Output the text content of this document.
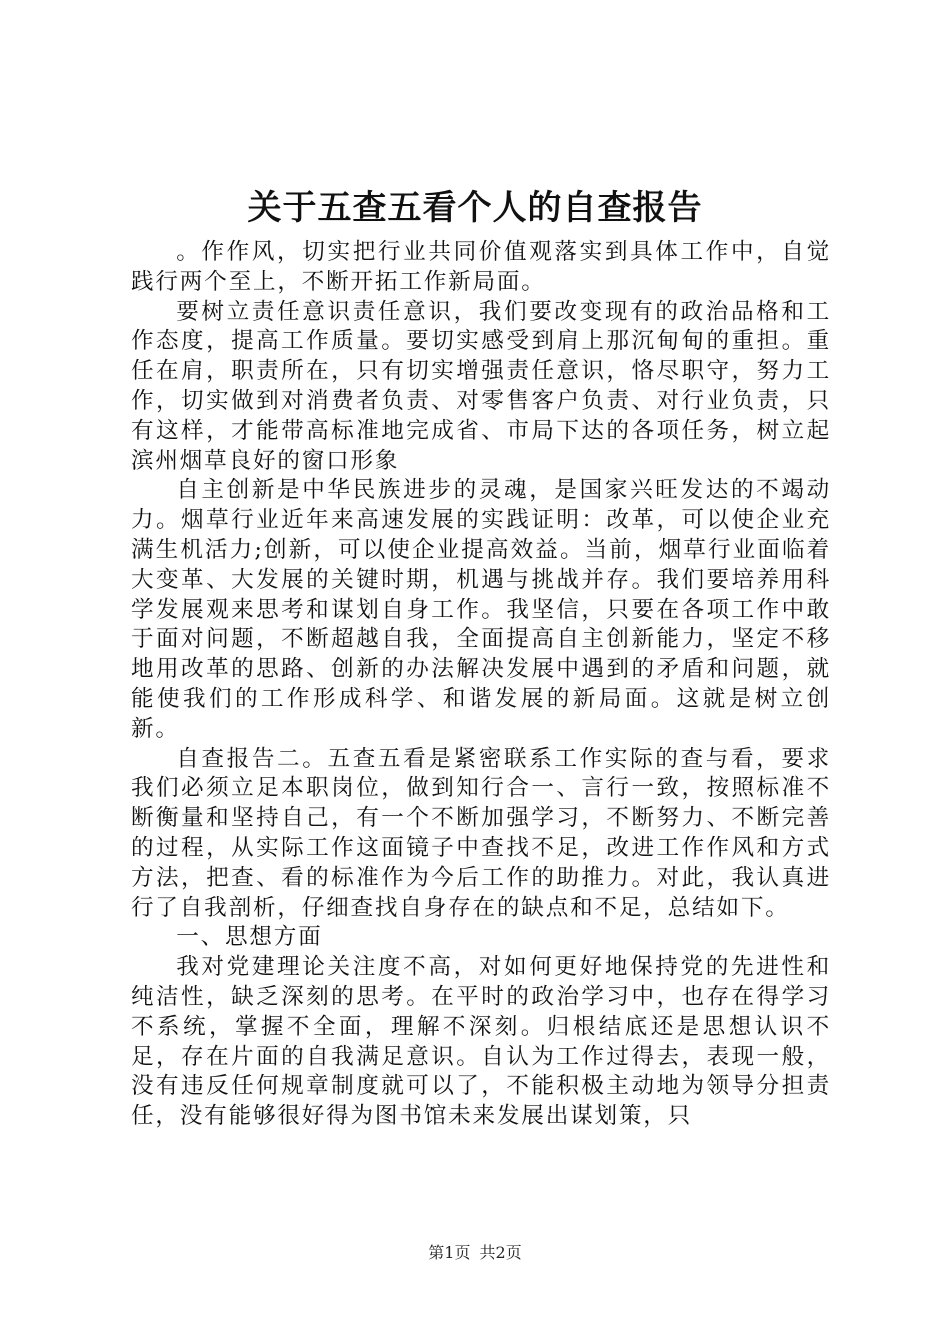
关于五查五看个人的自查报告

。作作风，切实把行业共同价值观落实到具体工作中，自觉践行两个至上，不断开拓工作新局面。

要树立责任意识责任意识，我们要改变现有的政治品格和工作态度，提高工作质量。要切实感受到肩上那沉甸甸的重担。重任在肩，职责所在，只有切实增强责任意识，恪尽职守，努力工作，切实做到对消费者负责、对零售客户负责、对行业负责，只有这样，才能带高标准地完成省、市局下达的各项任务，树立起滨州烟草良好的窗口形象

自主创新是中华民族进步的灵魂，是国家兴旺发达的不竭动力。烟草行业近年来高速发展的实践证明：改革，可以使企业充满生机活力;创新，可以使企业提高效益。当前，烟草行业面临着大变革、大发展的关键时期，机遇与挑战并存。我们要培养用科学发展观来思考和谋划自身工作。我坚信，只要在各项工作中敢于面对问题，不断超越自我，全面提高自主创新能力，坚定不移地用改革的思路、创新的办法解决发展中遇到的矛盾和问题，就能使我们的工作形成科学、和谐发展的新局面。这就是树立创新。

自查报告二。五查五看是紧密联系工作实际的查与看，要求我们必须立足本职岗位，做到知行合一、言行一致，按照标准不断衡量和坚持自己，有一个不断加强学习，不断努力、不断完善的过程，从实际工作这面镜子中查找不足，改进工作作风和方式方法，把查、看的标准作为今后工作的助推力。对此，我认真进行了自我剖析，仔细查找自身存在的缺点和不足，总结如下。

一、思想方面

我对党建理论关注度不高，对如何更好地保持党的先进性和纯洁性，缺乏深刻的思考。在平时的政治学习中，也存在得学习不系统，掌握不全面，理解不深刻。归根结底还是思想认识不足，存在片面的自我满足意识。自认为工作过得去，表现一般，没有违反任何规章制度就可以了，不能积极主动地为领导分担责任，没有能够很好得为图书馆未来发展出谋划策，只

第1页 共2页
